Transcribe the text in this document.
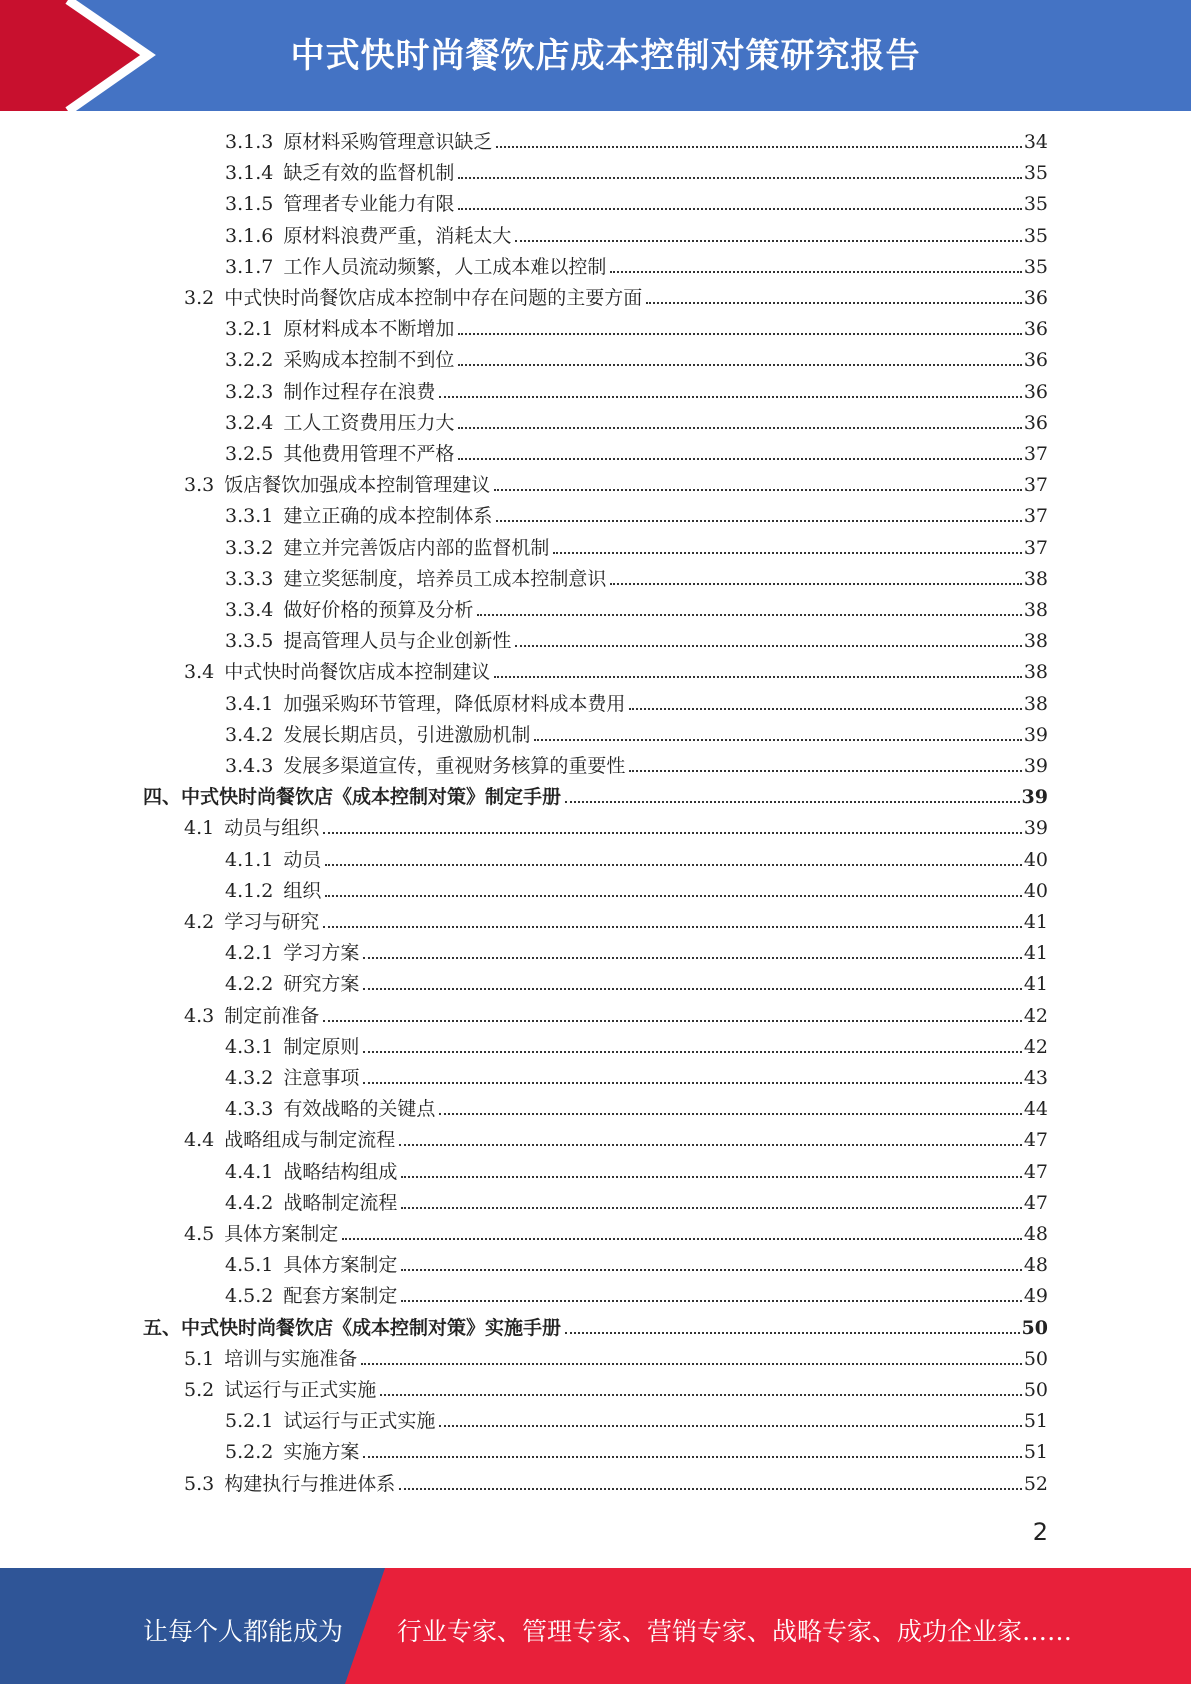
中式快时尚餐饮店成本控制对策研究报告
3.1.3 原材料采购管理意识缺乏	34
3.1.4 缺乏有效的监督机制	35
3.1.5 管理者专业能力有限	35
3.1.6 原材料浪费严重，消耗太大	35
3.1.7 工作人员流动频繁，人工成本难以控制	35
3.2 中式快时尚餐饮店成本控制中存在问题的主要方面	36
3.2.1 原材料成本不断增加	36
3.2.2 采购成本控制不到位	36
3.2.3 制作过程存在浪费	36
3.2.4 工人工资费用压力大	36
3.2.5 其他费用管理不严格	37
3.3 饭店餐饮加强成本控制管理建议	37
3.3.1 建立正确的成本控制体系	37
3.3.2 建立并完善饭店内部的监督机制	37
3.3.3 建立奖惩制度，培养员工成本控制意识	38
3.3.4 做好价格的预算及分析	38
3.3.5 提高管理人员与企业创新性	38
3.4 中式快时尚餐饮店成本控制建议	38
3.4.1 加强采购环节管理，降低原材料成本费用	38
3.4.2 发展长期店员，引进激励机制	39
3.4.3 发展多渠道宣传，重视财务核算的重要性	39
四、中式快时尚餐饮店《成本控制对策》制定手册	39
4.1 动员与组织	39
4.1.1 动员	40
4.1.2 组织	40
4.2 学习与研究	41
4.2.1 学习方案	41
4.2.2 研究方案	41
4.3 制定前准备	42
4.3.1 制定原则	42
4.3.2 注意事项	43
4.3.3 有效战略的关键点	44
4.4 战略组成与制定流程	47
4.4.1 战略结构组成	47
4.4.2 战略制定流程	47
4.5 具体方案制定	48
4.5.1 具体方案制定	48
4.5.2 配套方案制定	49
五、中式快时尚餐饮店《成本控制对策》实施手册	50
5.1 培训与实施准备	50
5.2 试运行与正式实施	50
5.2.1 试运行与正式实施	51
5.2.2 实施方案	51
5.3 构建执行与推进体系	52
2
让每个人都能成为 行业专家、管理专家、营销专家、战略专家、成功企业家……
